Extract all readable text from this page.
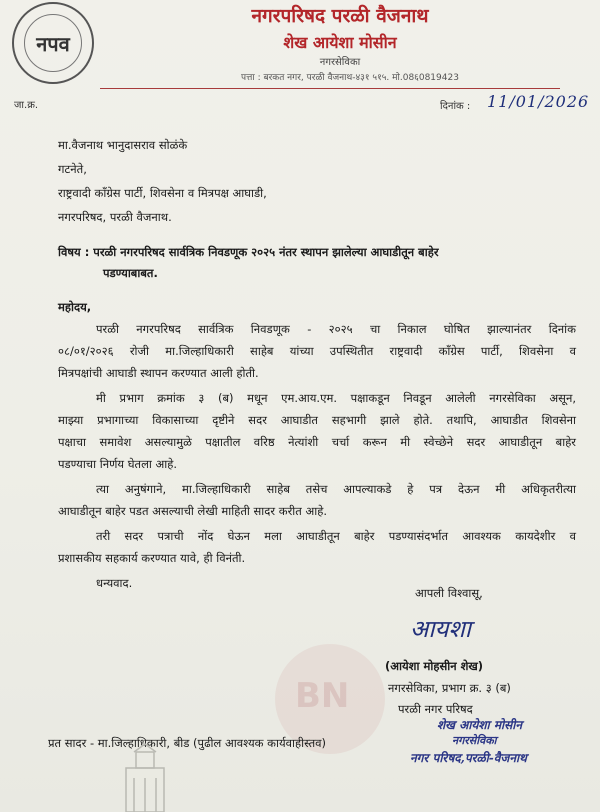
नपव
नगरपरिषद परळी वैजनाथ
शेख आयेशा मोसीन
नगरसेविका
पत्ता : बरकत नगर, परळी वैजनाथ-४३१ ५१५. मो.08६0819423
जा.क्र.	दिनांक : 11/01/2026
मा.वैजनाथ भानुदासराव सोळंके
गटनेते,
राष्ट्रवादी कॉंग्रेस पार्टी, शिवसेना व मित्रपक्ष आघाडी,
नगरपरिषद, परळी वैजनाथ.
विषय : परळी नगरपरिषद सार्वत्रिक निवडणूक २०२५ नंतर स्थापन झालेल्या आघाडीतून बाहेर
पडण्याबाबत.
महोदय,
परळी नगरपरिषद सार्वत्रिक निवडणूक - २०२५ चा निकाल घोषित झाल्यानंतर दिनांक
०८/०१/२०२६ रोजी मा.जिल्हाधिकारी साहेब यांच्या उपस्थितीत राष्ट्रवादी कॉंग्रेस पार्टी, शिवसेना व
मित्रपक्षांची आघाडी स्थापन करण्यात आली होती.
मी प्रभाग क्रमांक ३ (ब) मधून एम.आय.एम. पक्षाकडून निवडून आलेली नगरसेविका असून,
माझ्या प्रभागाच्या विकासाच्या दृष्टीने सदर आघाडीत सहभागी झाले होते. तथापि, आघाडीत शिवसेना
पक्षाचा समावेश असल्यामुळे पक्षातील वरिष्ठ नेत्यांशी चर्चा करून मी स्वेच्छेने सदर आघाडीतून बाहेर
पडण्याचा निर्णय घेतला आहे.
त्या अनुषंगाने, मा.जिल्हाधिकारी साहेब तसेच आपल्याकडे हे पत्र देऊन मी अधिकृतरीत्या
आघाडीतून बाहेर पडत असल्याची लेखी माहिती सादर करीत आहे.
तरी सदर पत्राची नोंद घेऊन मला आघाडीतून बाहेर पडण्यासंदर्भात आवश्यक कायदेशीर व
प्रशासकीय सहकार्य करण्यात यावे, ही विनंती.
धन्यवाद.
आपली विश्वासू,
आयशा
(आयेशा मोहसीन शेख)
नगरसेविका, प्रभाग क्र. ३ (ब)
परळी नगर परिषद
BN
शेख आयेशा मोसीन
नगरसेविका
नगर परिषद,परळी-वैजनाथ
प्रत सादर - मा.जिल्हाधिकारी, बीड (पुढील आवश्यक कार्यवाहीस्तव)
